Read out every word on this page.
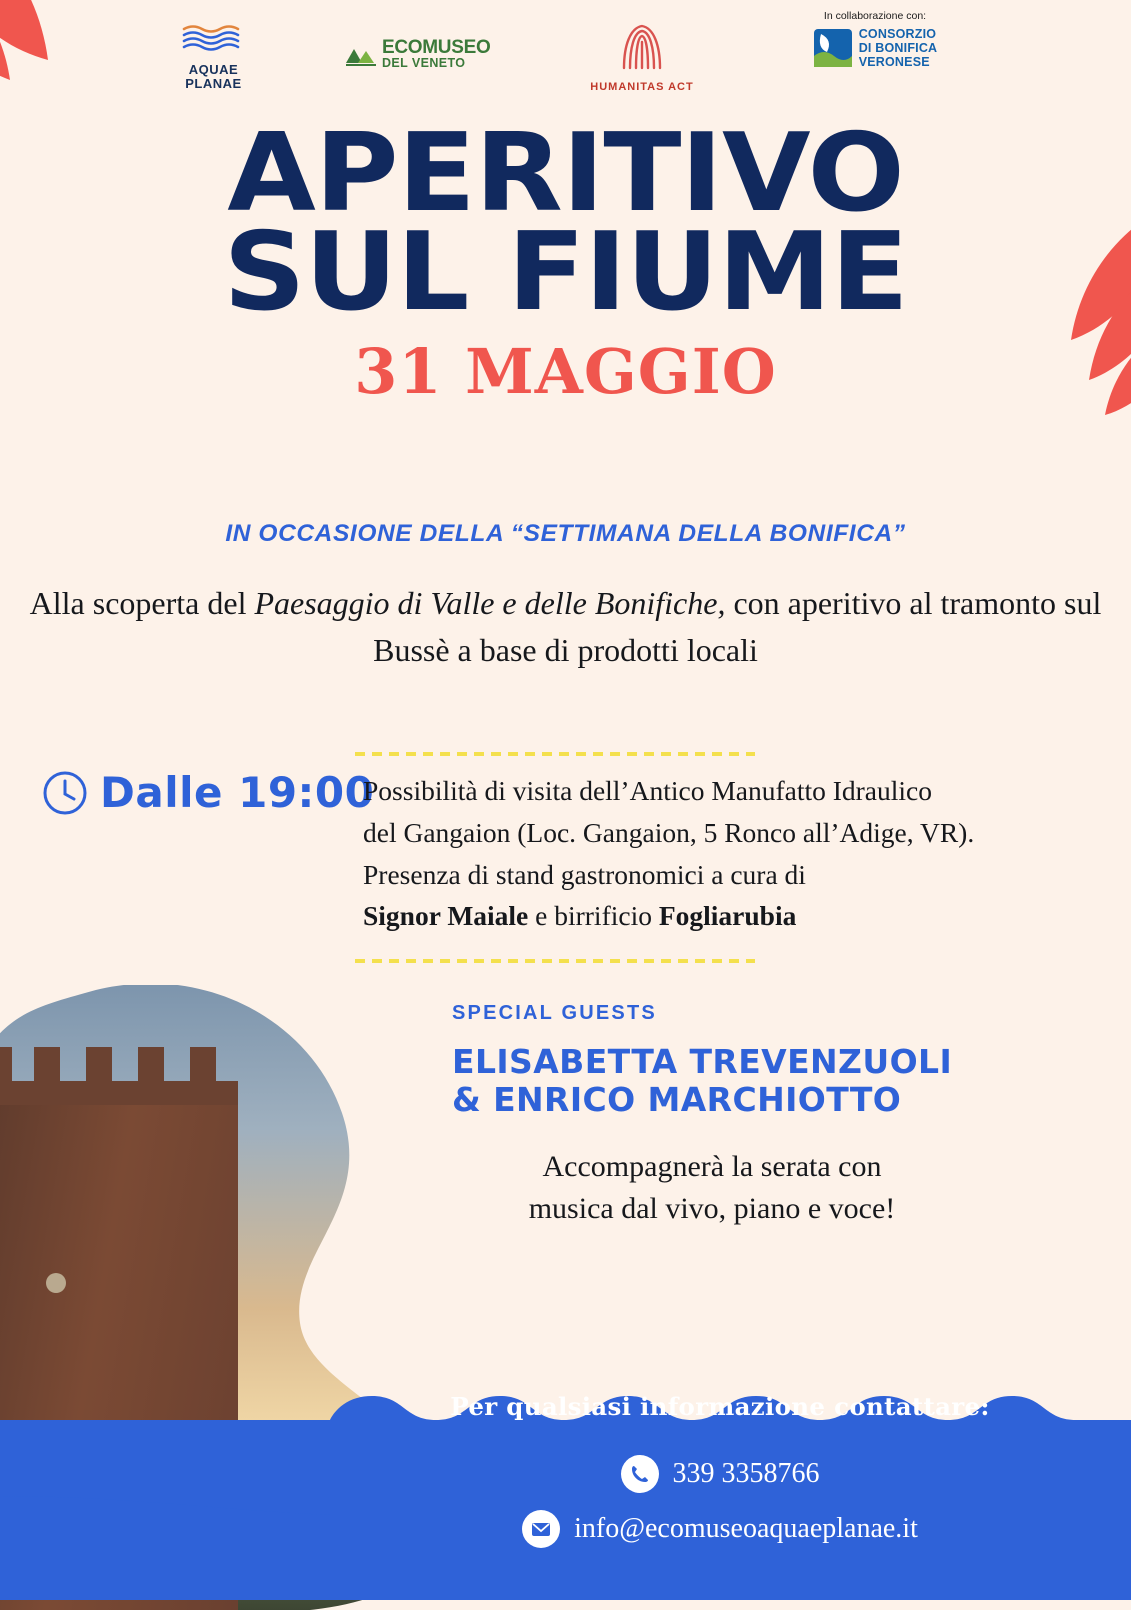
AQUAE
PLANAE
ECOMUSEO
DEL VENETO
HUMANITAS ACT
In collaborazione con:
CONSORZIO
DI BONIFICA
VERONESE
APERITIVO
SUL FIUME
31 MAGGIO
IN OCCASIONE DELLA “SETTIMANA DELLA BONIFICA”
Alla scoperta del Paesaggio di Valle e delle Bonifiche, con aperitivo al tramonto sul Bussè a base di prodotti locali
Dalle 19:00
Possibilità di visita dell’Antico Manufatto Idraulico
del Gangaion (Loc. Gangaion, 5 Ronco all’Adige, VR).
Presenza di stand gastronomici a cura di
Signor Maiale e birrificio Fogliarubia
SPECIAL GUESTS
ELISABETTA TREVENZUOLI
& ENRICO MARCHIOTTO
Accompagnerà la serata con
musica dal vivo, piano e voce!
Per qualsiasi informazione contattare:
339 3358766
info@ecomuseoaquaeplanae.it
